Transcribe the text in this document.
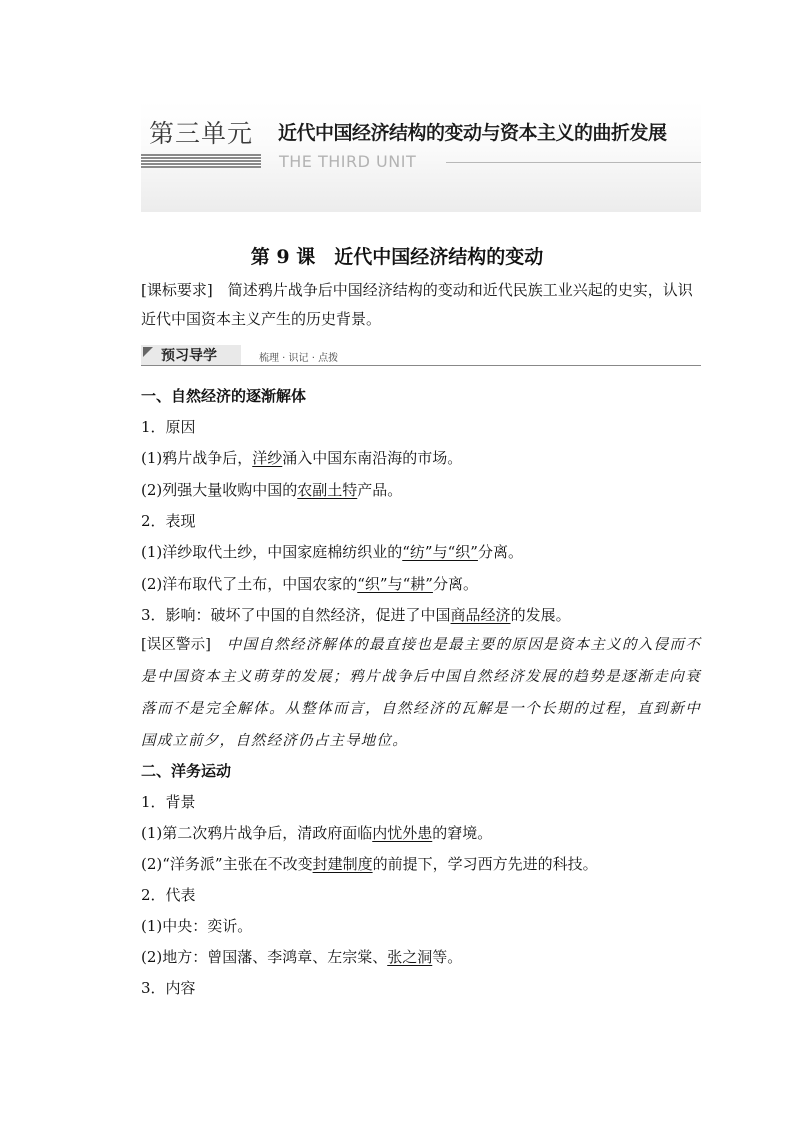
第三单元 近代中国经济结构的变动与资本主义的曲折发展
THE THIRD UNIT
第 9 课　近代中国经济结构的变动
[课标要求]　简述鸦片战争后中国经济结构的变动和近代民族工业兴起的史实，认识近代中国资本主义产生的历史背景。
预习导学	梳理 · 识记 · 点拨
一、自然经济的逐渐解体
1．原因
(1)鸦片战争后，洋纱涌入中国东南沿海的市场。
(2)列强大量收购中国的农副土特产品。
2．表现
(1)洋纱取代土纱，中国家庭棉纺织业的“纺”与“织”分离。
(2)洋布取代了土布，中国农家的“织”与“耕”分离。
3．影响：破坏了中国的自然经济，促进了中国商品经济的发展。
[误区警示]　中国自然经济解体的最直接也是最主要的原因是资本主义的入侵而不是中国资本主义萌芽的发展；鸦片战争后中国自然经济发展的趋势是逐渐走向衰落而不是完全解体。从整体而言，自然经济的瓦解是一个长期的过程，直到新中国成立前夕，自然经济仍占主导地位。
二、洋务运动
1．背景
(1)第二次鸦片战争后，清政府面临内忧外患的窘境。
(2)“洋务派”主张在不改变封建制度的前提下，学习西方先进的科技。
2．代表
(1)中央：奕䜣。
(2)地方：曾国藩、李鸿章、左宗棠、张之洞等。
3．内容
